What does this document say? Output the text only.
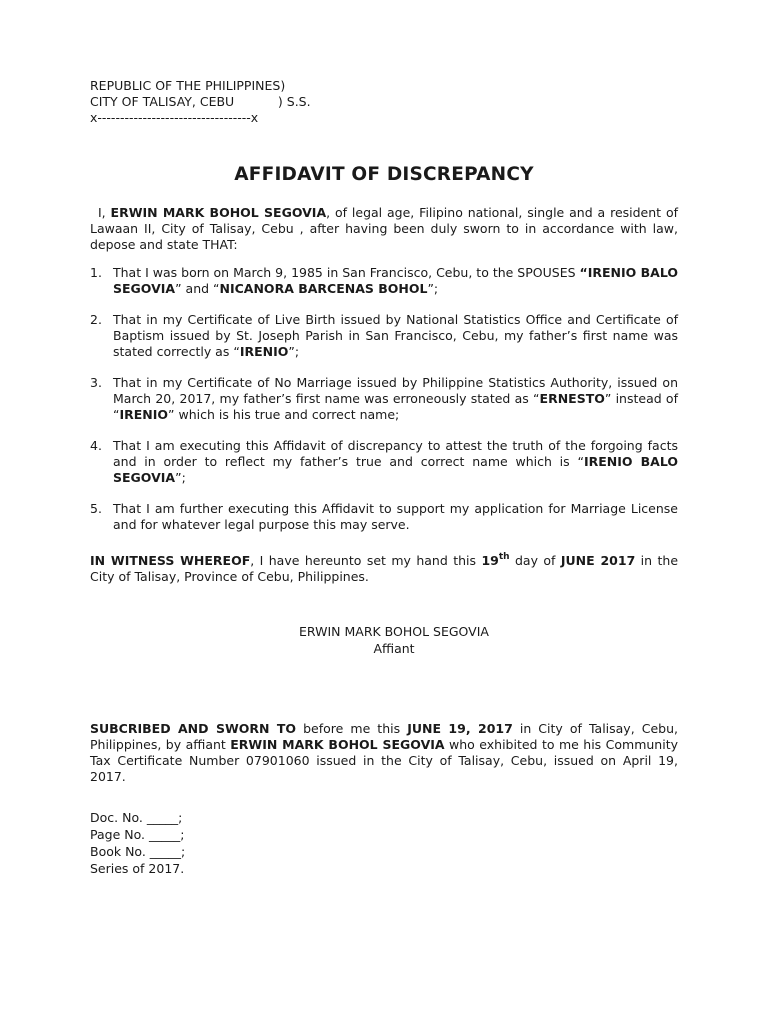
REPUBLIC OF THE PHILIPPINES)
CITY OF TALISAY, CEBU           ) S.S.
x----------------------------------x
AFFIDAVIT OF DISCREPANCY

I, ERWIN MARK BOHOL SEGOVIA, of legal age, Filipino national, single and a resident of Lawaan II, City of Talisay, Cebu , after having been duly sworn to in accordance with law, depose and state THAT:

1. That I was born on March 9, 1985 in San Francisco, Cebu, to the SPOUSES “IRENIO BALO SEGOVIA” and “NICANORA BARCENAS BOHOL”;
2. That in my Certificate of Live Birth issued by National Statistics Office and Certificate of Baptism issued by St. Joseph Parish in San Francisco, Cebu, my father’s first name was stated correctly as “IRENIO”;
3. That in my Certificate of No Marriage issued by Philippine Statistics Authority, issued on March 20, 2017, my father’s first name was erroneously stated as “ERNESTO” instead of “IRENIO” which is his true and correct name;
4. That I am executing this Affidavit of discrepancy to attest the truth of the forgoing facts and in order to reflect my father’s true and correct name which is “IRENIO BALO SEGOVIA”;
5. That I am further executing this Affidavit to support my application for Marriage License and for whatever legal purpose this may serve.

IN WITNESS WHEREOF, I have hereunto set my hand this 19th day of JUNE 2017 in the City of Talisay, Province of Cebu, Philippines.

ERWIN MARK BOHOL SEGOVIA
Affiant

SUBCRIBED AND SWORN TO before me this JUNE 19, 2017 in City of Talisay, Cebu, Philippines, by affiant ERWIN MARK BOHOL SEGOVIA who exhibited to me his Community Tax Certificate Number 07901060 issued in the City of Talisay, Cebu, issued on April 19, 2017.

Doc. No. _____;
Page No. _____;
Book No. _____;
Series of 2017.
